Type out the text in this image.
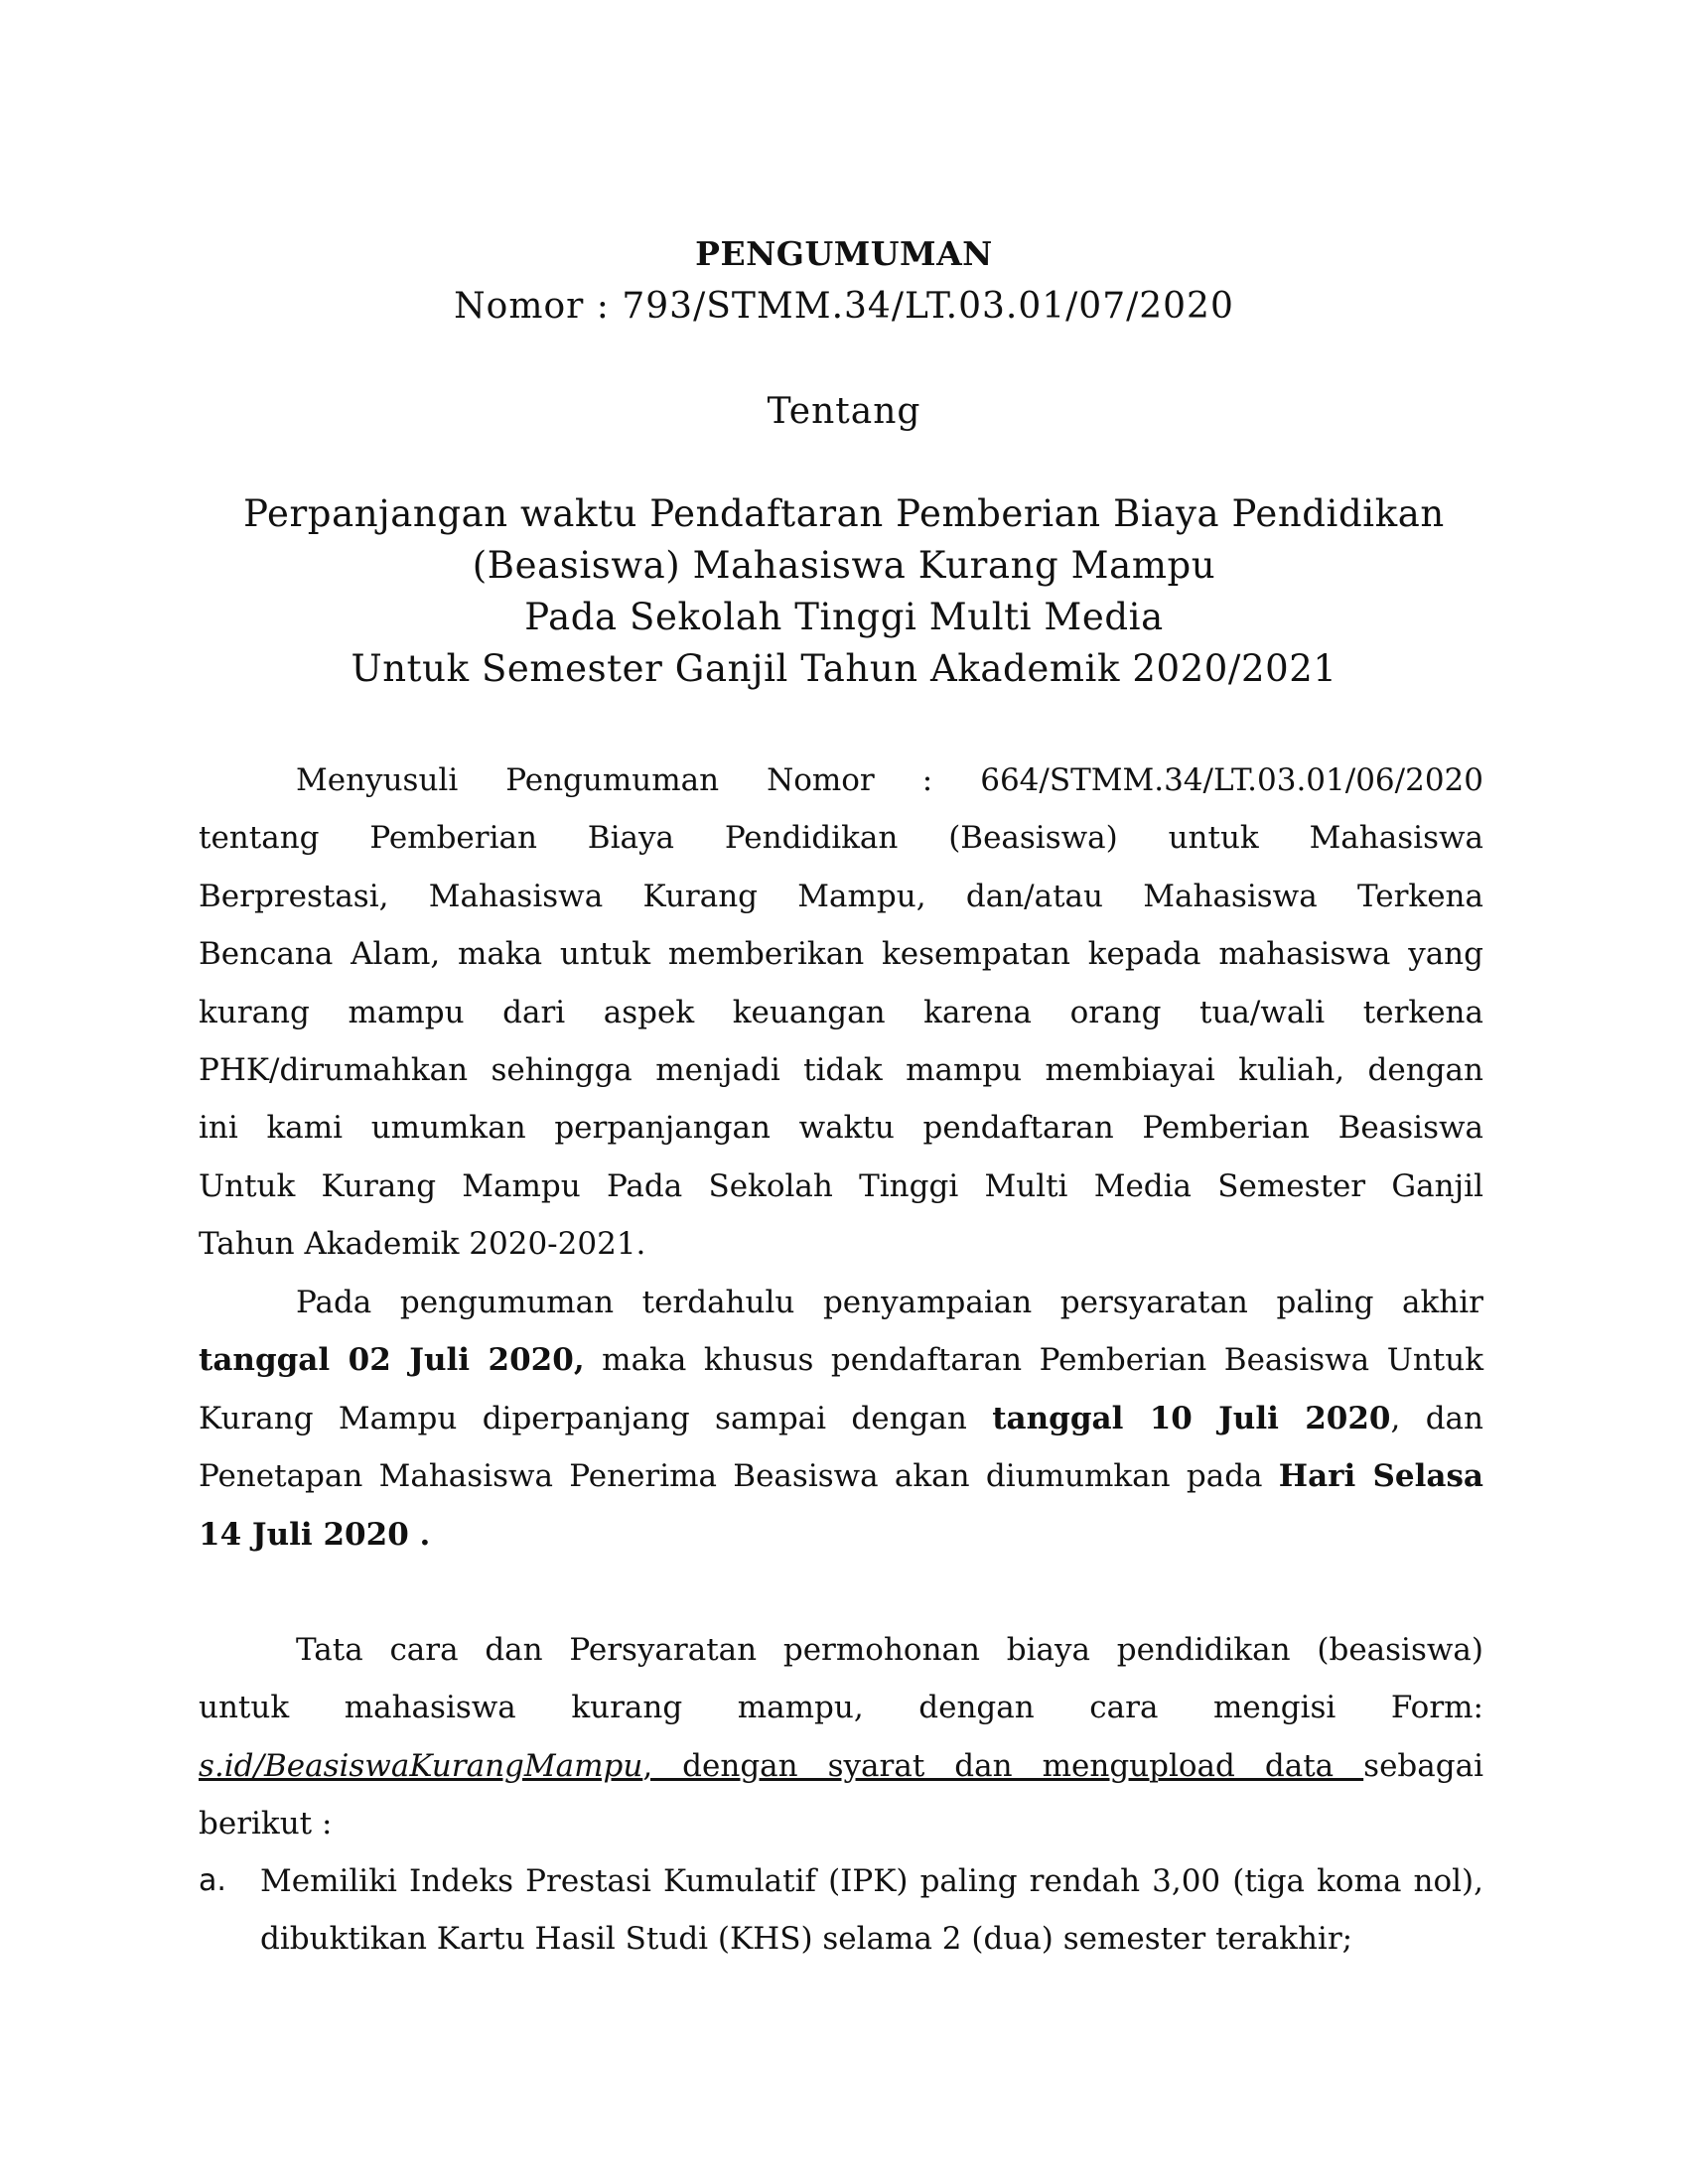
PENGUMUMAN
Nomor : 793/STMM.34/LT.03.01/07/2020
Tentang
Perpanjangan waktu Pendaftaran Pemberian Biaya Pendidikan
(Beasiswa) Mahasiswa Kurang Mampu
Pada Sekolah Tinggi Multi Media
Untuk Semester Ganjil Tahun Akademik 2020/2021
Menyusuli Pengumuman Nomor : 664/STMM.34/LT.03.01/06/2020
tentang Pemberian Biaya Pendidikan (Beasiswa) untuk Mahasiswa
Berprestasi, Mahasiswa Kurang Mampu, dan/atau Mahasiswa Terkena
Bencana Alam, maka untuk memberikan kesempatan kepada mahasiswa yang
kurang mampu dari aspek keuangan karena orang tua/wali terkena
PHK/dirumahkan sehingga menjadi tidak mampu membiayai kuliah, dengan
ini kami umumkan perpanjangan waktu pendaftaran Pemberian Beasiswa
Untuk Kurang Mampu Pada Sekolah Tinggi Multi Media Semester Ganjil
Tahun Akademik 2020-2021.
Pada pengumuman terdahulu penyampaian persyaratan paling akhir
tanggal 02 Juli 2020, maka khusus pendaftaran Pemberian Beasiswa Untuk
Kurang Mampu diperpanjang sampai dengan tanggal 10 Juli 2020, dan
Penetapan Mahasiswa Penerima Beasiswa akan diumumkan pada Hari Selasa
14 Juli 2020 .
Tata cara dan Persyaratan permohonan biaya pendidikan (beasiswa)
untuk mahasiswa kurang mampu, dengan cara mengisi Form:
s.id/BeasiswaKurangMampu, dengan syarat dan mengupload data sebagai
berikut :
a.	Memiliki Indeks Prestasi Kumulatif (IPK) paling rendah 3,00 (tiga koma nol),
dibuktikan Kartu Hasil Studi (KHS) selama 2 (dua) semester terakhir;
